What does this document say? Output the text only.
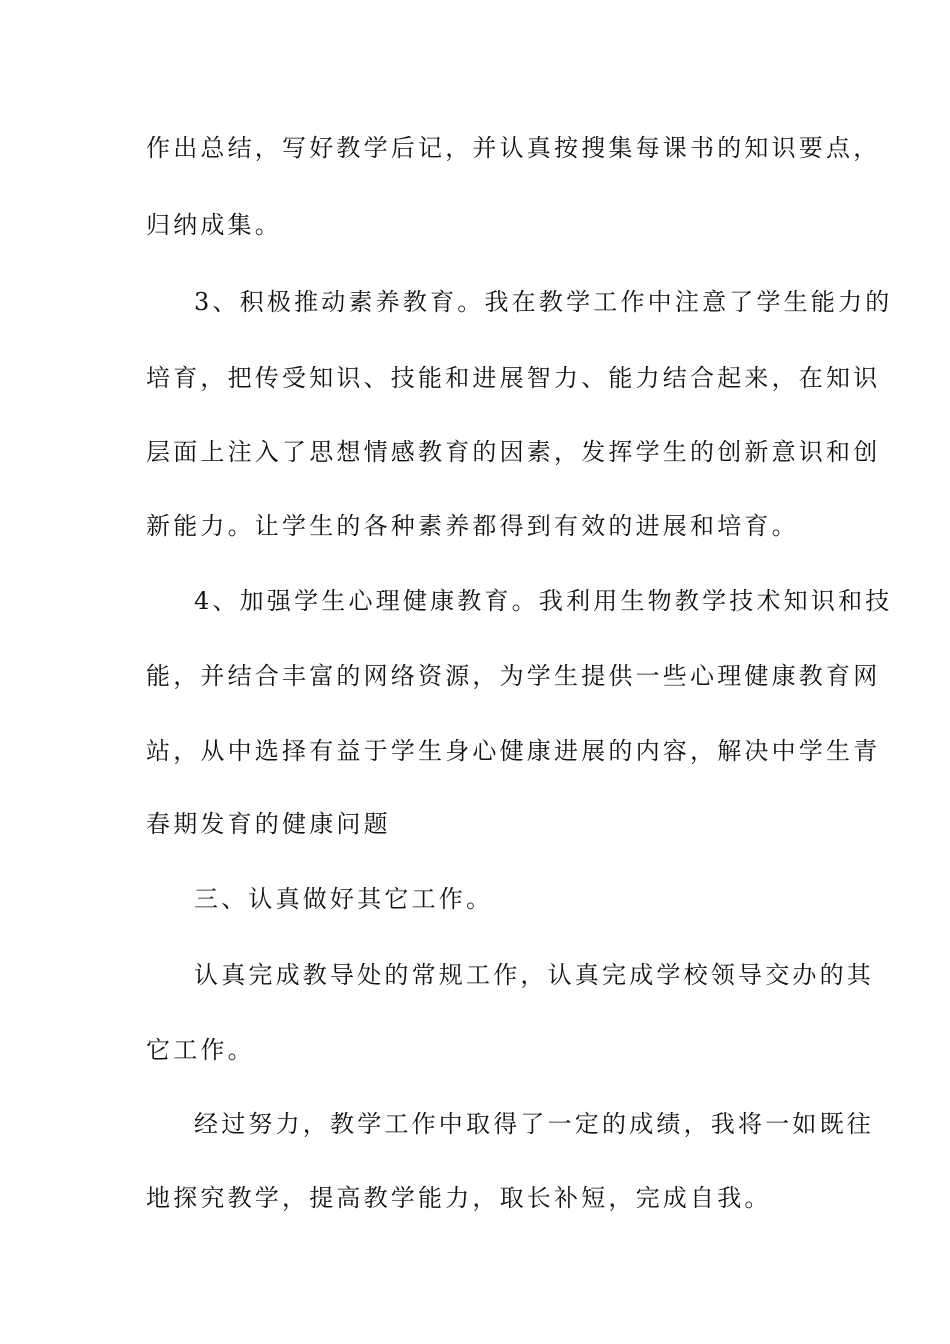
作出总结，写好教学后记，并认真按搜集每课书的知识要点，
归纳成集。
3、积极推动素养教育。我在教学工作中注意了学生能力的
培育，把传受知识、技能和进展智力、能力结合起来，在知识
层面上注入了思想情感教育的因素，发挥学生的创新意识和创
新能力。让学生的各种素养都得到有效的进展和培育。
4、加强学生心理健康教育。我利用生物教学技术知识和技
能，并结合丰富的网络资源，为学生提供一些心理健康教育网
站，从中选择有益于学生身心健康进展的内容，解决中学生青
春期发育的健康问题
三、认真做好其它工作。
认真完成教导处的常规工作，认真完成学校领导交办的其
它工作。
经过努力，教学工作中取得了一定的成绩，我将一如既往
地探究教学，提高教学能力，取长补短，完成自我。
